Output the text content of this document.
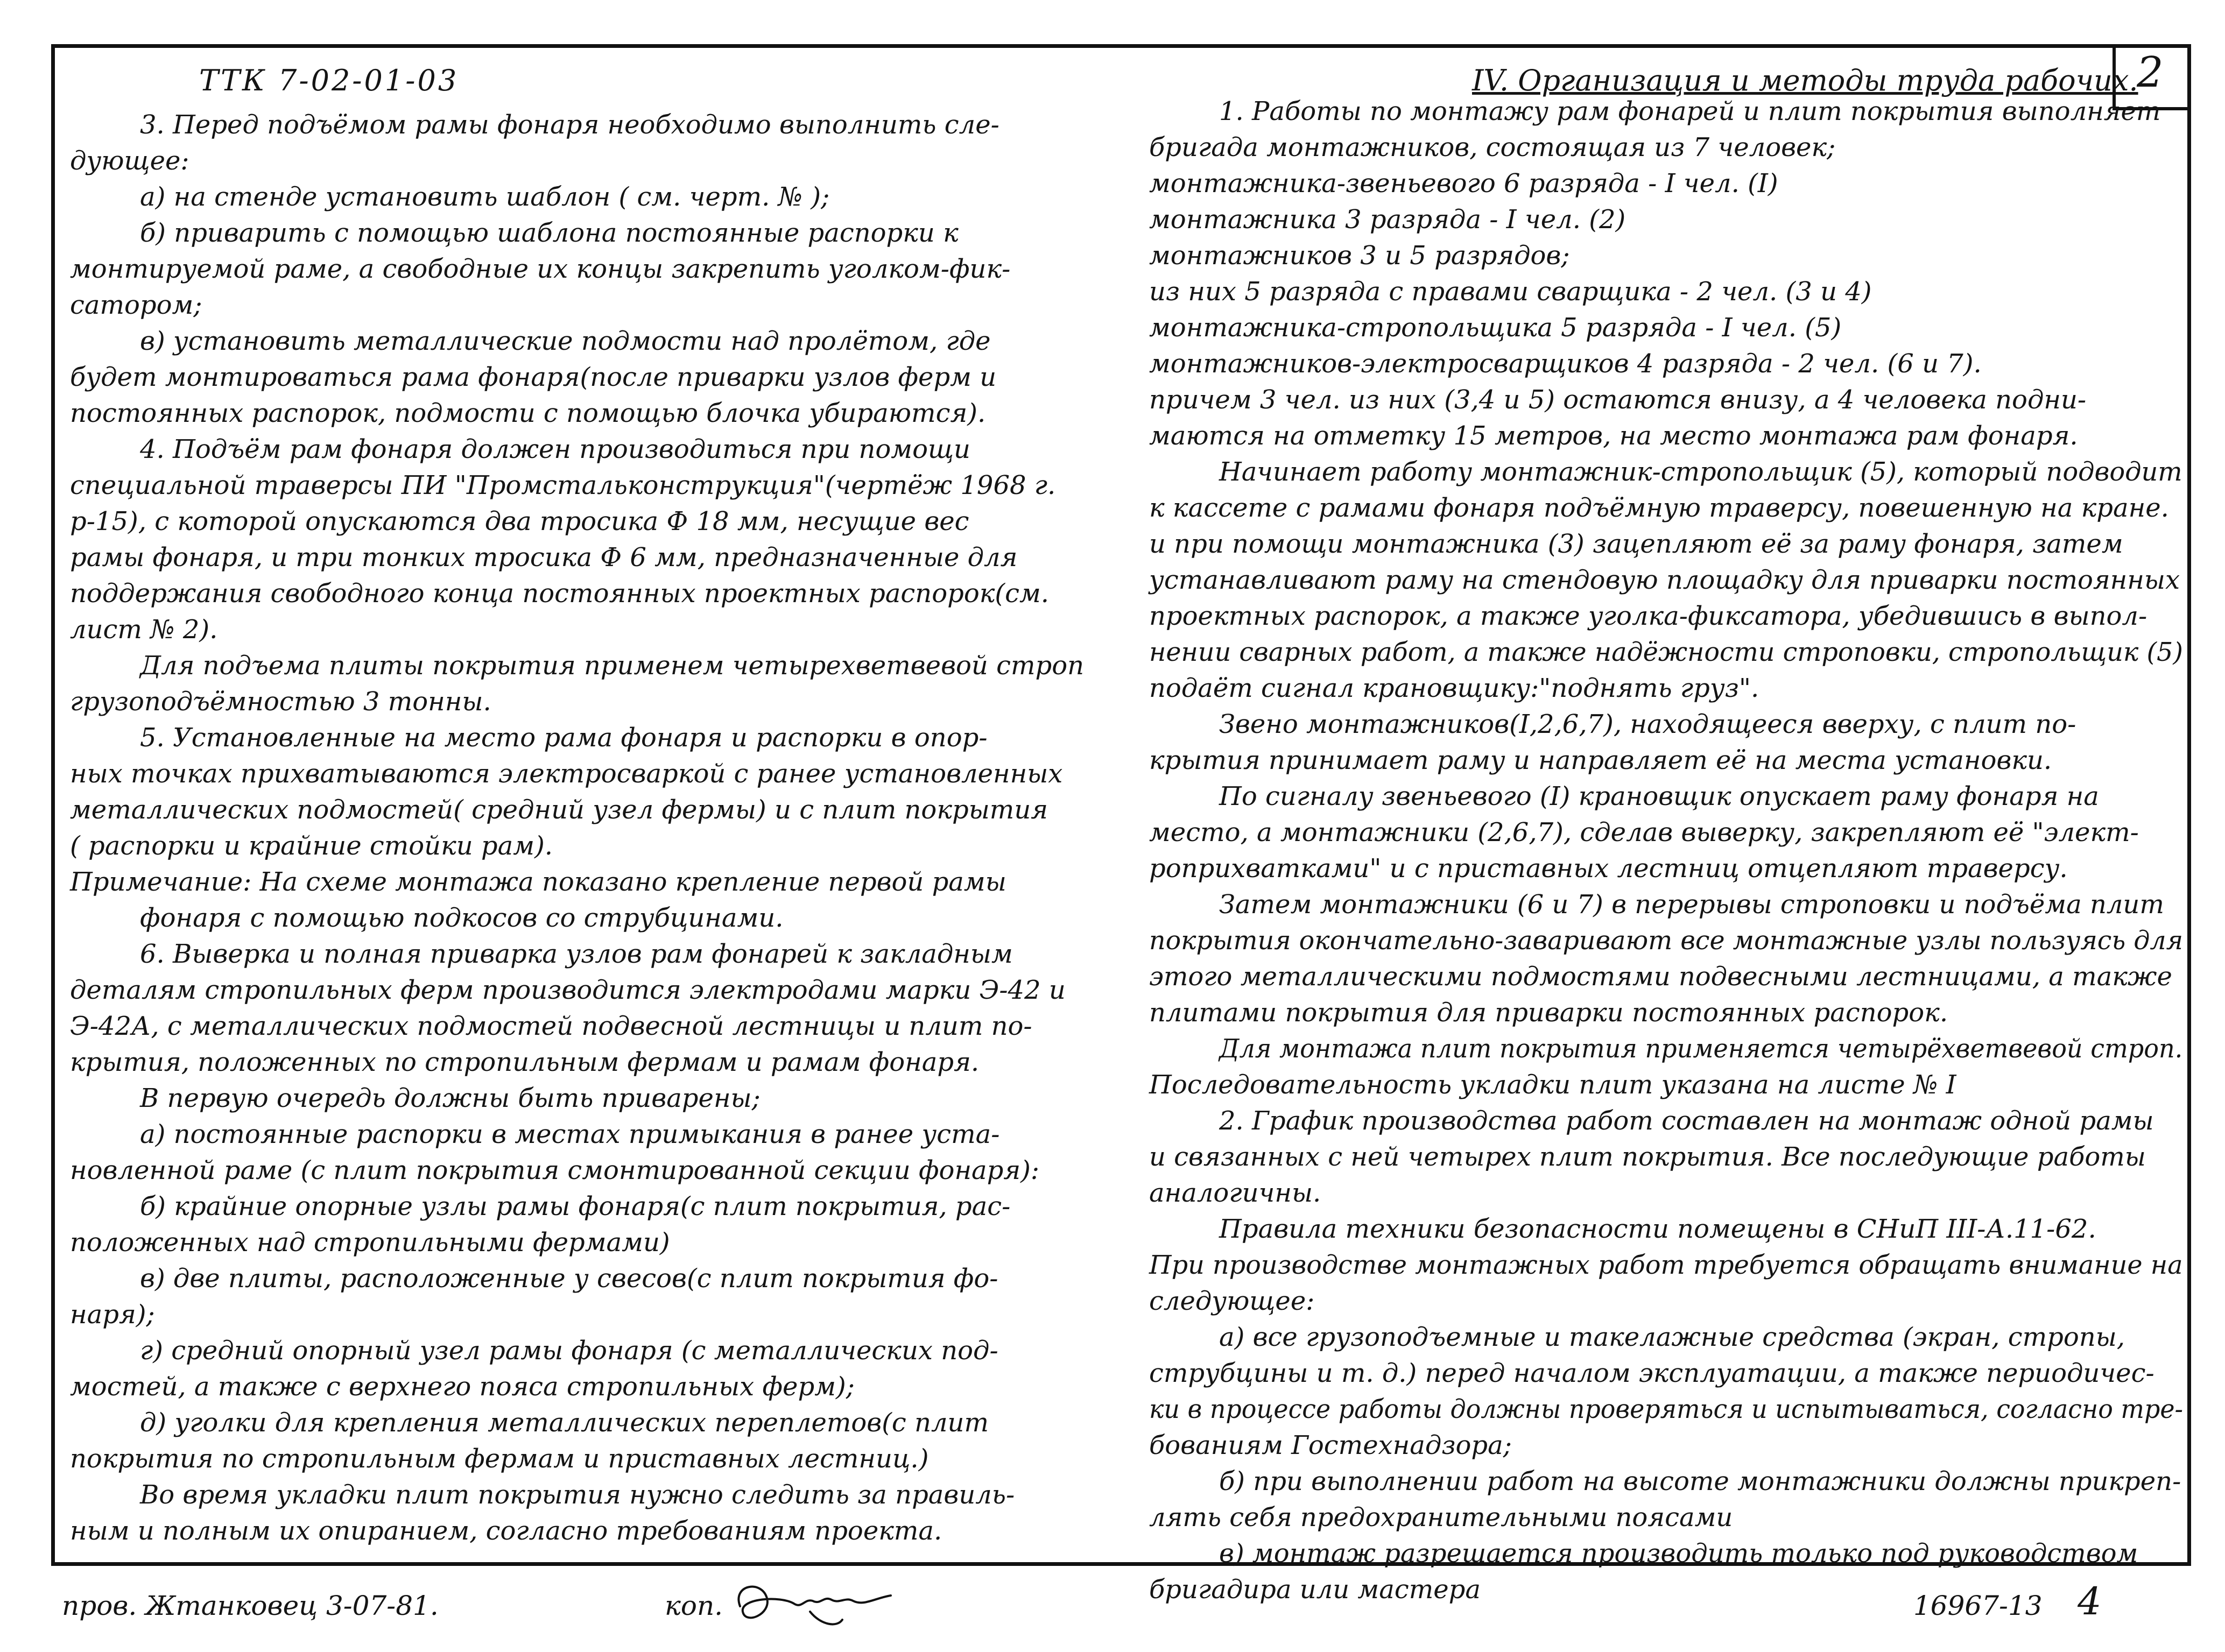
ТТК 7-02-01-03	IV. Организация и методы труда рабочих.
2
3. Перед подъёмом рамы фонаря необходимо выполнить сле-
дующее:
а) на стенде установить шаблон ( см. черт. № );
б) приварить с помощью шаблона постоянные распорки к
монтируемой раме, а свободные их концы закрепить уголком-фик-
сатором;
в) установить металлические подмости над пролётом, где
будет монтироваться рама фонаря(после приварки узлов ферм и
постоянных распорок, подмости с помощью блочка убираются).
4. Подъём рам фонаря должен производиться при помощи
специальной траверсы ПИ "Промстальконструкция"(чертёж 1968 г.
р-15), с которой опускаются два тросика Ф 18 мм, несущие вес
рамы фонаря, и три тонких тросика Ф 6 мм, предназначенные для
поддержания свободного конца постоянных проектных распорок(см.
лист № 2).
Для подъема плиты покрытия применем четырехветвевой строп
грузоподъёмностью 3 тонны.
5. Установленные на место рама фонаря и распорки в опор-
ных точках прихватываются электросваркой с ранее установленных
металлических подмостей( средний узел фермы) и с плит покрытия
( распорки и крайние стойки рам).
Примечание: На схеме монтажа показано крепление первой рамы
фонаря с помощью подкосов со струбцинами.
6. Выверка и полная приварка узлов рам фонарей к закладным
деталям стропильных ферм производится электродами марки Э-42 и
Э-42А, с металлических подмостей подвесной лестницы и плит по-
крытия, положенных по стропильным фермам и рамам фонаря.
В первую очередь должны быть приварены;
а) постоянные распорки в местах примыкания в ранее уста-
новленной раме (с плит покрытия смонтированной секции фонаря):
б) крайние опорные узлы рамы фонаря(с плит покрытия, рас-
положенных над стропильными фермами)
в) две плиты, расположенные у свесов(с плит покрытия фо-
наря);
г) средний опорный узел рамы фонаря (с металлических под-
мостей, а также с верхнего пояса стропильных ферм);
д) уголки для крепления металлических переплетов(с плит
покрытия по стропильным фермам и приставных лестниц.)
Во время укладки плит покрытия нужно следить за правиль-
ным и полным их опиранием, согласно требованиям проекта.
1. Работы по монтажу рам фонарей и плит покрытия выполняет
бригада монтажников, состоящая из 7 человек;
монтажника-звеньевого 6 разряда - I чел. (I)
монтажника 3 разряда - I чел. (2)
монтажников 3 и 5 разрядов;
из них 5 разряда с правами сварщика - 2 чел. (3 и 4)
монтажника-стропольщика 5 разряда - I чел. (5)
монтажников-электросварщиков 4 разряда - 2 чел. (6 и 7).
причем 3 чел. из них (3,4 и 5) остаются внизу, а 4 человека подни-
маются на отметку 15 метров, на место монтажа рам фонаря.
Начинает работу монтажник-стропольщик (5), который подводит
к кассете с рамами фонаря подъёмную траверсу, повешенную на кране.
и при помощи монтажника (3) зацепляют её за раму фонаря, затем
устанавливают раму на стендовую площадку для приварки постоянных
проектных распорок, а также уголка-фиксатора, убедившись в выпол-
нении сварных работ, а также надёжности строповки, стропольщик (5)
подаёт сигнал крановщику:"поднять груз".
Звено монтажников(I,2,6,7), находящееся вверху, с плит по-
крытия принимает раму и направляет её на места установки.
По сигналу звеньевого (I) крановщик опускает раму фонаря на
место, а монтажники (2,6,7), сделав выверку, закрепляют её "элект-
роприхватками" и с приставных лестниц отцепляют траверсу.
Затем монтажники (6 и 7) в перерывы строповки и подъёма плит
покрытия окончательно-заваривают все монтажные узлы пользуясь для
этого металлическими подмостями подвесными лестницами, а также
плитами покрытия для приварки постоянных распорок.
Для монтажа плит покрытия применяется четырёхветвевой строп.
Последовательность укладки плит указана на листе № I
2. График производства работ составлен на монтаж одной рамы
и связанных с ней четырех плит покрытия. Все последующие работы
аналогичны.
Правила техники безопасности помещены в СНиП III-А.11-62.
При производстве монтажных работ требуется обращать внимание на
следующее:
а) все грузоподъемные и такелажные средства (экран, стропы,
струбцины и т. д.) перед началом эксплуатации, а также периодичес-
ки в процессе работы должны проверяться и испытываться, согласно тре-
бованиям Гостехнадзора;
б) при выполнении работ на высоте монтажники должны прикреп-
лять себя предохранительными поясами
в) монтаж разрешается производить только под руководством
бригадира или мастера
пров. Жтанковец 3-07-81.	коп.	16967-13 4
